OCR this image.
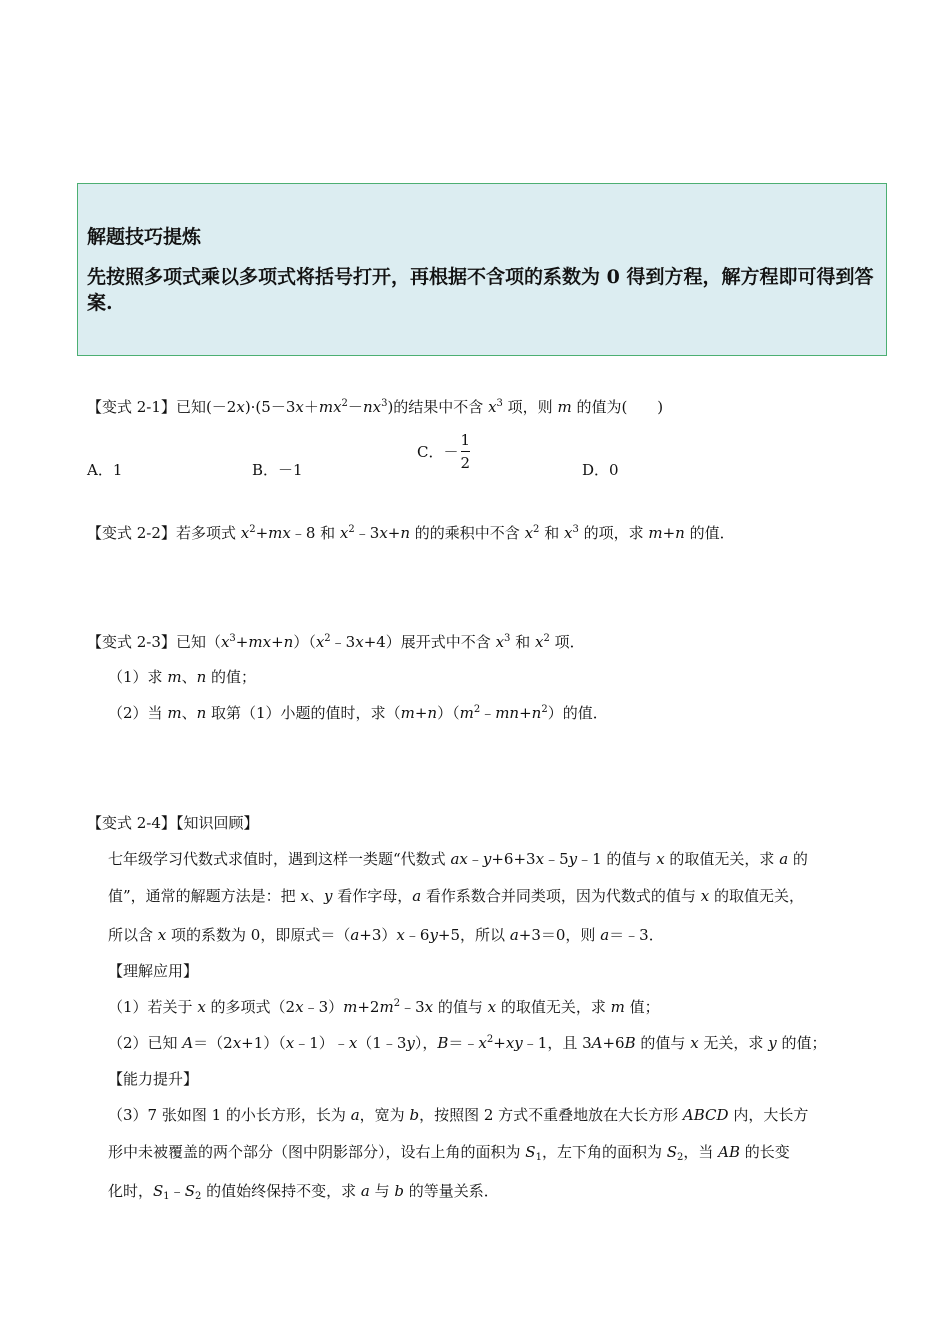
解题技巧提炼
先按照多项式乘以多项式将括号打开，再根据不含项的系数为 0 得到方程，解方程即可得到答案.
【变式 2-1】已知$(-2x)\cdot(5-3x+mx^2-nx^3)$的结果中不含 $x^3$ 项，则 m 的值为(　　)
A．1	B．－1
C．－ $\frac{1}{2}$	D．0
【变式 2-2】若多项式 $x^2+mx﹣8$ 和 $x^2﹣3x+n$ 的的乘积中不含 $x^2$ 和 $x^3$ 的项，求 m+n 的值．
【变式 2-3】已知$(x^3+mx+n)(x^2﹣3x+4)$展开式中不含 $x^3$ 和 $x^2$ 项．
（1）求 m、n 的值；
（2）当 m、n 取第（1）小题的值时，求$(m+n)(m^2﹣mn+n^2)$的值．
【变式 2-4】【知识回顾】
七年级学习代数式求值时，遇到这样一类题“代数式 ax﹣y+6+3x﹣5y﹣1 的值与 x 的取值无关，求 a 的
值”，通常的解题方法是：把 x、y 看作字母，a 看作系数合并同类项，因为代数式的值与 x 的取值无关，
所以含 x 项的系数为 0，即原式＝（a+3）x﹣6y+5，所以 a+3＝0，则 a＝﹣3．
【理解应用】
（1）若关于 x 的多项式$(2x﹣3)m+2m^2﹣3x$ 的值与 x 的取值无关，求 m 值；
（2）已知 A＝（2x+1）（x﹣1）﹣x（1﹣3y），$B=﹣x^2+xy﹣1$，且 3A+6B 的值与 x 无关，求 y 的值；
【能力提升】
（3）7 张如图 1 的小长方形，长为 a，宽为 b，按照图 2 方式不重叠地放在大长方形 ABCD 内，大长方
形中未被覆盖的两个部分（图中阴影部分），设右上角的面积为 $S_1$，左下角的面积为 $S_2$，当 AB 的长变
化时，$S_1﹣S_2$ 的值始终保持不变，求 a 与 b 的等量关系．
